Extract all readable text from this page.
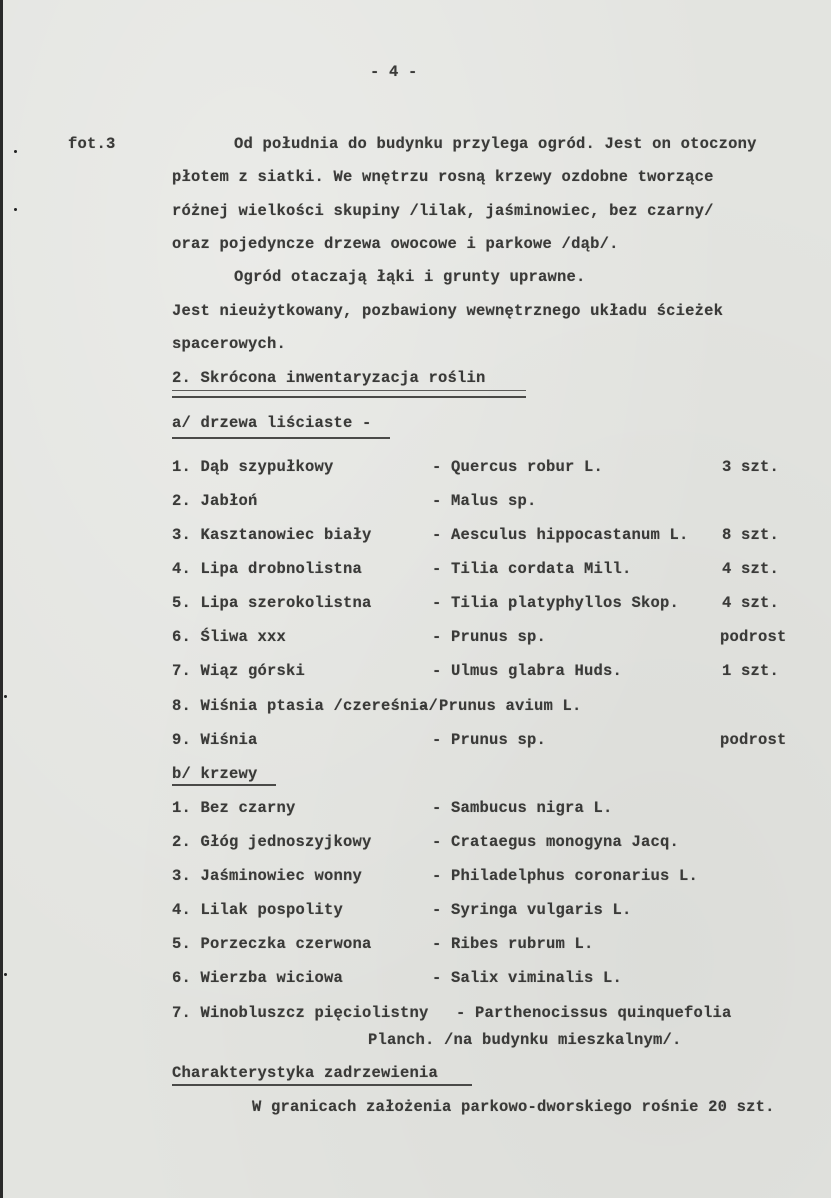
- 4 -
fot.3	Od południa do budynku przylega ogród. Jest on otoczony
płotem z siatki. We wnętrzu rosną krzewy ozdobne tworzące
różnej wielkości skupiny /lilak, jaśminowiec, bez czarny/
oraz pojedyncze drzewa owocowe i parkowe /dąb/.
Ogród otaczają łąki i grunty uprawne.
Jest nieużytkowany, pozbawiony wewnętrznego układu ścieżek
spacerowych.
2. Skrócona inwentaryzacja roślin
a/ drzewa liściaste -
1. Dąb szypułkowy	- Quercus robur L.	3 szt.
2. Jabłoń	- Malus sp.
3. Kasztanowiec biały	- Aesculus hippocastanum L. 8 szt.
4. Lipa drobnolistna	- Tilia cordata Mill.	4 szt.
5. Lipa szerokolistna	- Tilia platyphyllos Skop.	4 szt.
6. Śliwa xxx	- Prunus sp.	podrost
7. Wiąz górski	- Ulmus glabra Huds.	1 szt.
8. Wiśnia ptasia /czereśnia/
- Prunus avium L.
9. Wiśnia	- Prunus sp.	podrost
b/ krzewy
1. Bez czarny	- Sambucus nigra L.
2. Głóg jednoszyjkowy	- Crataegus monogyna Jacq.
3. Jaśminowiec wonny	- Philadelphus coronarius L.
4. Lilak pospolity	- Syringa vulgaris L.
5. Porzeczka czerwona	- Ribes rubrum L.
6. Wierzba wiciowa	- Salix viminalis L.
7. Winobluszcz pięciolistny - Parthenocissus quinquefolia
Planch. /na budynku mieszkalnym/.
Charakterystyka zadrzewienia
W granicach założenia parkowo-dworskiego rośnie 20 szt.
